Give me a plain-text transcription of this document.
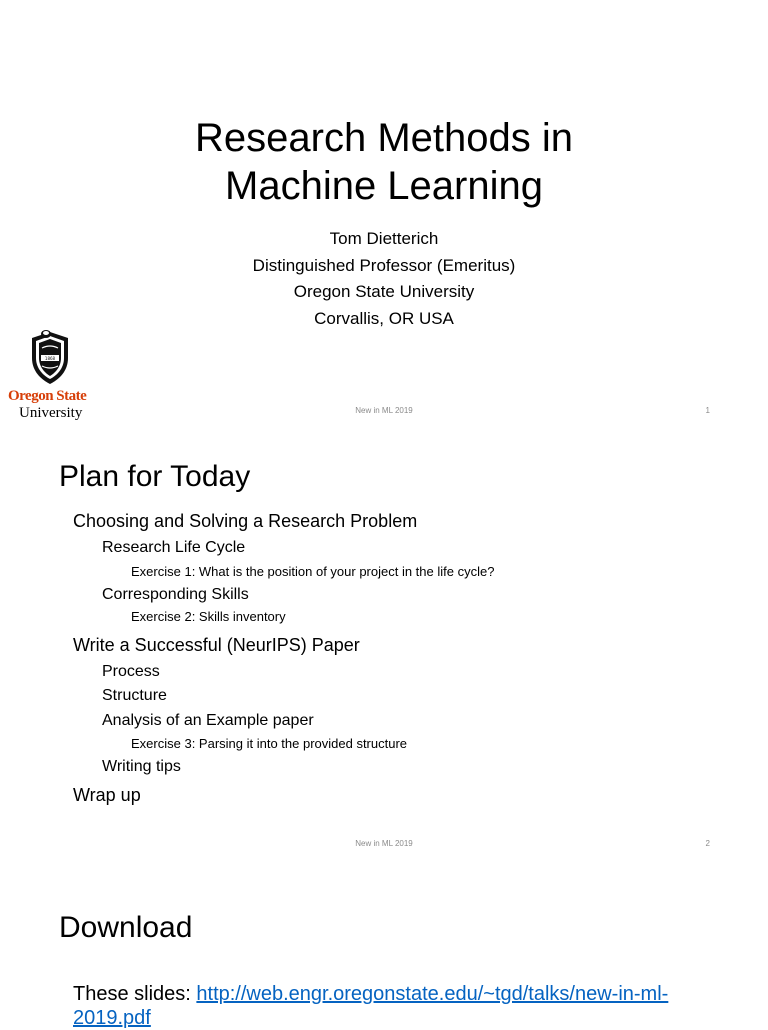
Research Methods in
Machine Learning
Tom Dietterich
Distinguished Professor (Emeritus)
Oregon State University
Corvallis, OR USA
1868
Oregon State
University	New in ML 2019	1
Plan for Today
Choosing and Solving a Research Problem
Research Life Cycle
Exercise 1: What is the position of your project in the life cycle?
Corresponding Skills
Exercise 2: Skills inventory
Write a Successful (NeurIPS) Paper
Process
Structure
Analysis of an Example paper
Exercise 3: Parsing it into the provided structure
Writing tips
Wrap up
New in ML 2019	2
Download
These slides: http://web.engr.oregonstate.edu/~tgd/talks/new-in-ml-2019.pdf
